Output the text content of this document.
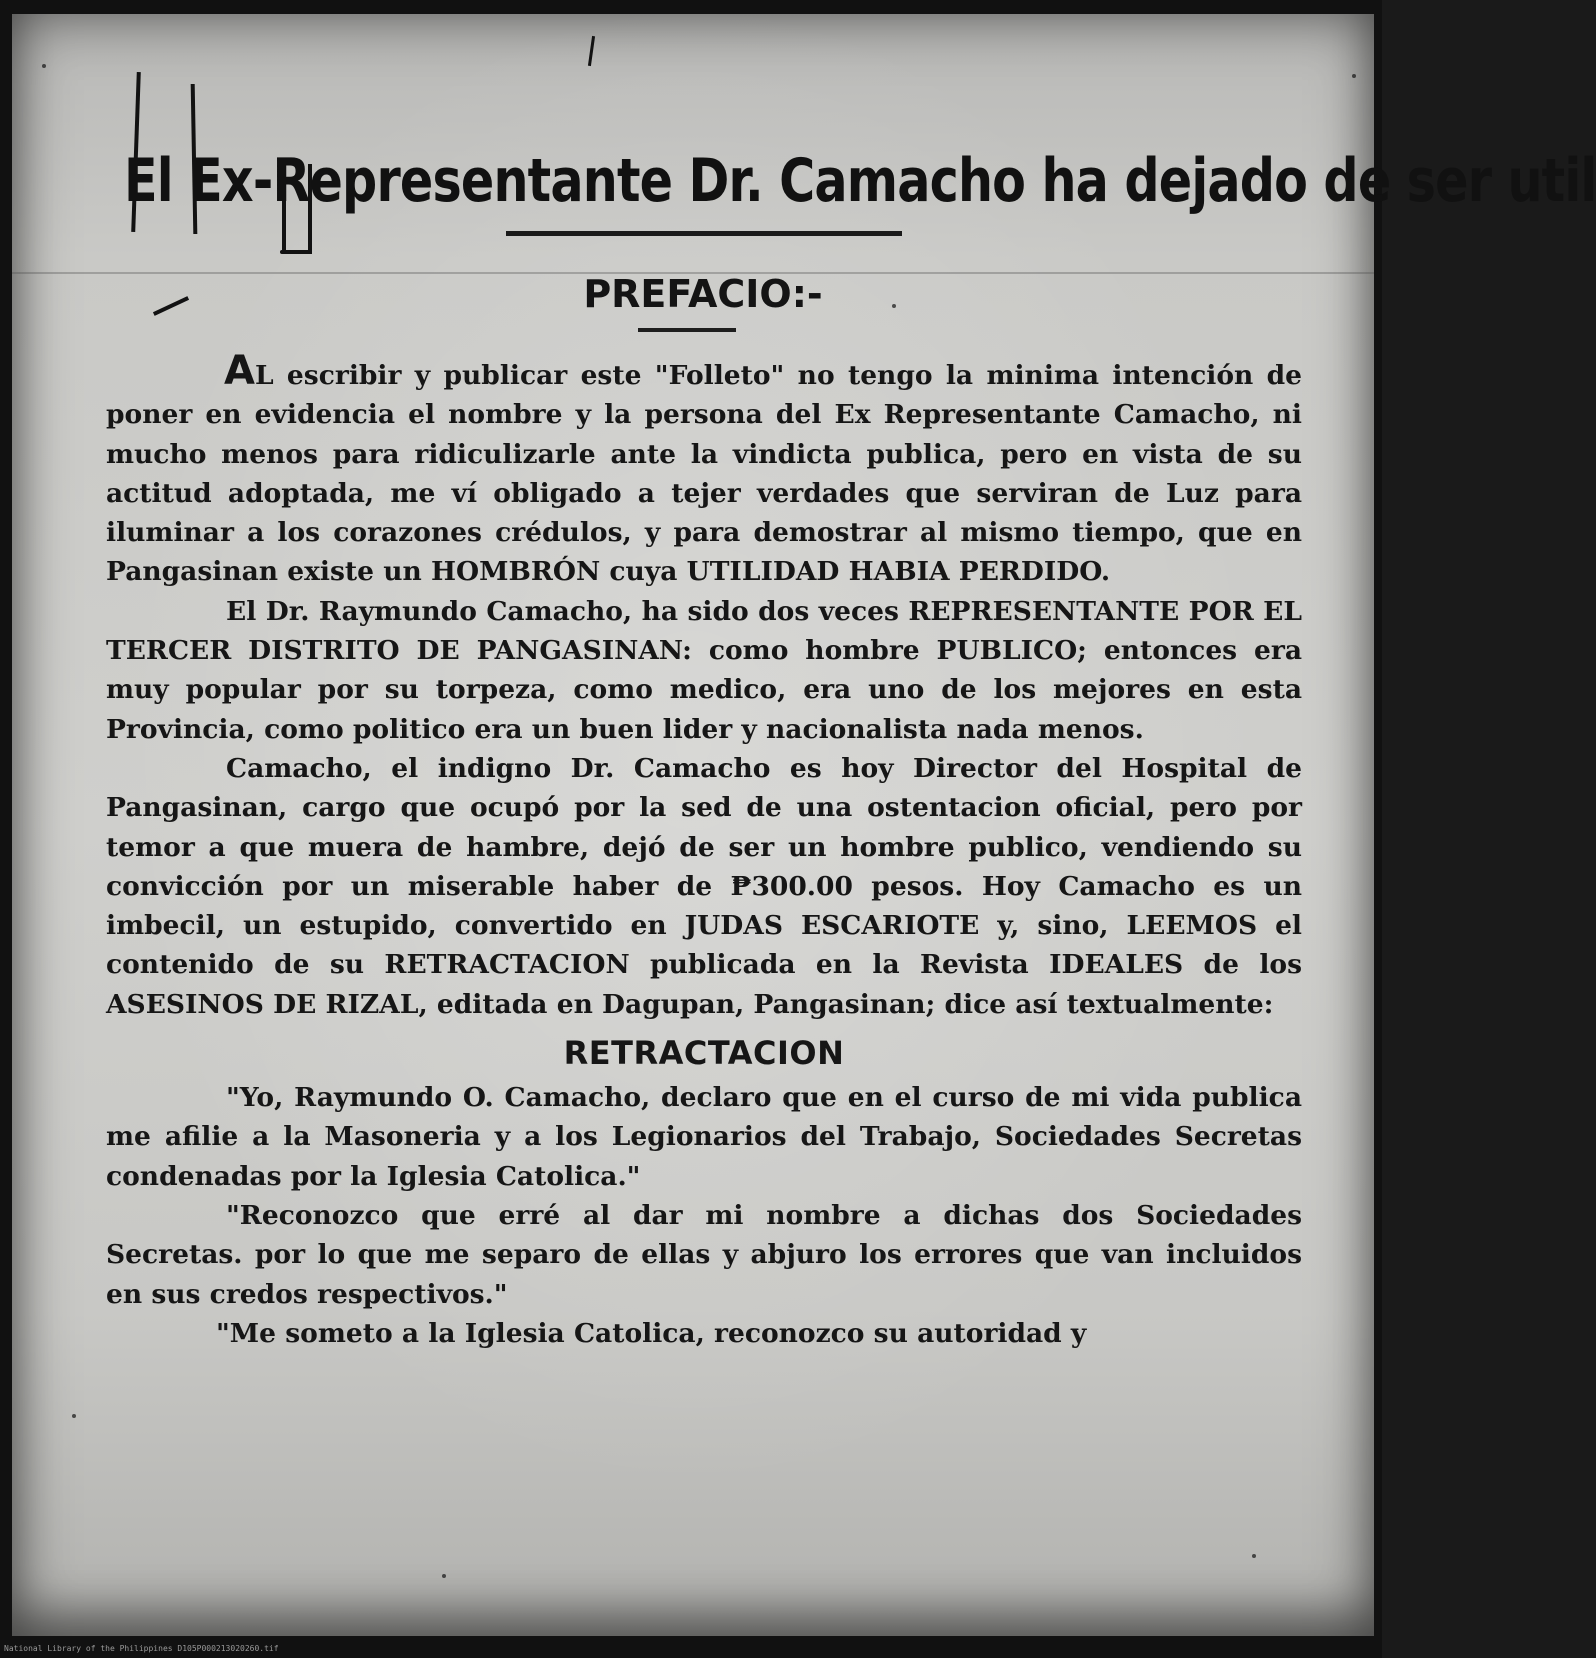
El Ex-Representante Dr. Camacho ha dejado de ser util
PREFACIO:-

AL escribir y publicar este "Folleto" no tengo la minima intención de poner en evidencia el nombre y la persona del Ex Representante Camacho, ni mucho menos para ridiculizarle ante la vindicta publica, pero en vista de su actitud adoptada, me ví obligado a tejer verdades que serviran de Luz para iluminar a los corazones crédulos, y para demostrar al mismo tiempo, que en Pangasinan existe un HOMBRÓN cuya UTILIDAD HABIA PERDIDO.

El Dr. Raymundo Camacho, ha sido dos veces REPRESENTANTE POR EL TERCER DISTRITO DE PANGASINAN: como hombre PUBLICO; entonces era muy popular por su torpeza, como medico, era uno de los mejores en esta Provincia, como politico era un buen lider y nacionalista nada menos.

Camacho, el indigno Dr. Camacho es hoy Director del Hospital de Pangasinan, cargo que ocupó por la sed de una ostentacion oficial, pero por temor a que muera de hambre, dejó de ser un hombre publico, vendiendo su convicción por un miserable haber de ₱300.00 pesos. Hoy Camacho es un imbecil, un estupido, convertido en JUDAS ESCARIOTE y, sino, LEEMOS el contenido de su RETRACTACION publicada en la Revista IDEALES de los ASESINOS DE RIZAL, editada en Dagupan, Pangasinan; dice así textualmente:

RETRACTACION

"Yo, Raymundo O. Camacho, declaro que en el curso de mi vida publica me afilie a la Masoneria y a los Legionarios del Trabajo, Sociedades Secretas condenadas por la Iglesia Catolica."

"Reconozco que erré al dar mi nombre a dichas dos Sociedades Secretas. por lo que me separo de ellas y abjuro los errores que van incluidos en sus credos respectivos."

"Me someto a la Iglesia Catolica, reconozco su autoridad y

National Library of the Philippines D105P000213020260.tif
